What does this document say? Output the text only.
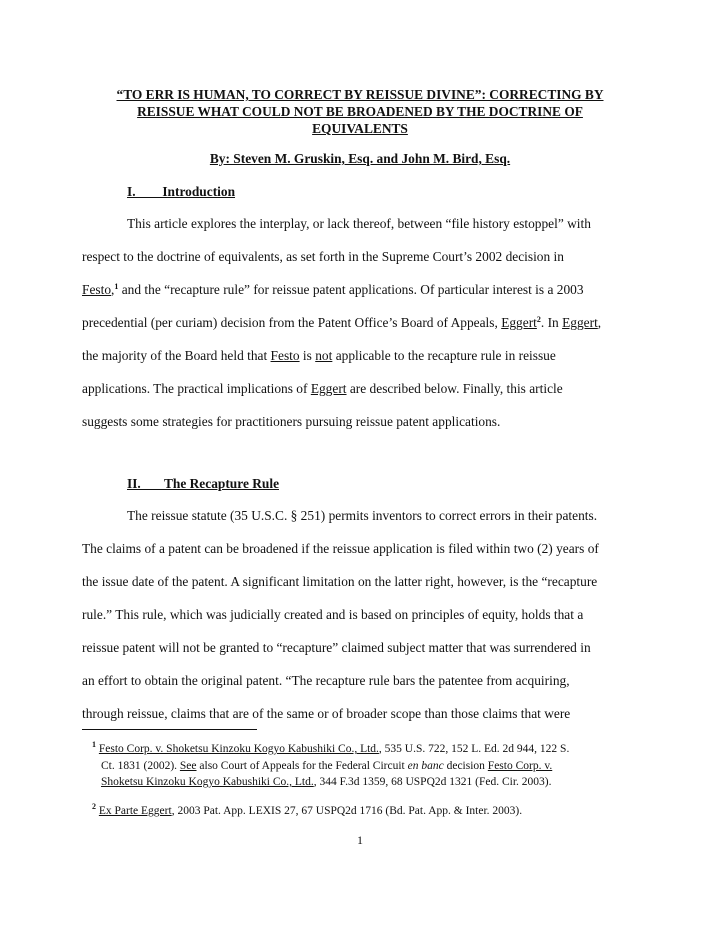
“TO ERR IS HUMAN, TO CORRECT BY REISSUE DIVINE”: CORRECTING BY
REISSUE WHAT COULD NOT BE BROADENED BY THE DOCTRINE OF
EQUIVALENTS
By: Steven M. Gruskin, Esq. and John M. Bird, Esq.
I.        Introduction

This article explores the interplay, or lack thereof, between “file history estoppel” with

respect to the doctrine of equivalents, as set forth in the Supreme Court’s 2002 decision in

Festo,$^1$ and the “recapture rule” for reissue patent applications. Of particular interest is a 2003

precedential (per curiam) decision from the Patent Office’s Board of Appeals, Eggert$^2$. In Eggert,

the majority of the Board held that Festo is not applicable to the recapture rule in reissue

applications. The practical implications of Eggert are described below. Finally, this article

suggests some strategies for practitioners pursuing reissue patent applications.

II.       The Recapture Rule

The reissue statute (35 U.S.C. § 251) permits inventors to correct errors in their patents.

The claims of a patent can be broadened if the reissue application is filed within two (2) years of

the issue date of the patent. A significant limitation on the latter right, however, is the “recapture

rule.” This rule, which was judicially created and is based on principles of equity, holds that a

reissue patent will not be granted to “recapture” claimed subject matter that was surrendered in

an effort to obtain the original patent. “The recapture rule bars the patentee from acquiring,

through reissue, claims that are of the same or of broader scope than those claims that were

$^1$ Festo Corp. v. Shoketsu Kinzoku Kogyo Kabushiki Co., Ltd., 535 U.S. 722, 152 L. Ed. 2d 944, 122 S.
Ct. 1831 (2002). See also Court of Appeals for the Federal Circuit en banc decision Festo Corp. v.
Shoketsu Kinzoku Kogyo Kabushiki Co., Ltd., 344 F.3d 1359, 68 USPQ2d 1321 (Fed. Cir. 2003).
$^2$ Ex Parte Eggert, 2003 Pat. App. LEXIS 27, 67 USPQ2d 1716 (Bd. Pat. App. & Inter. 2003).
1
